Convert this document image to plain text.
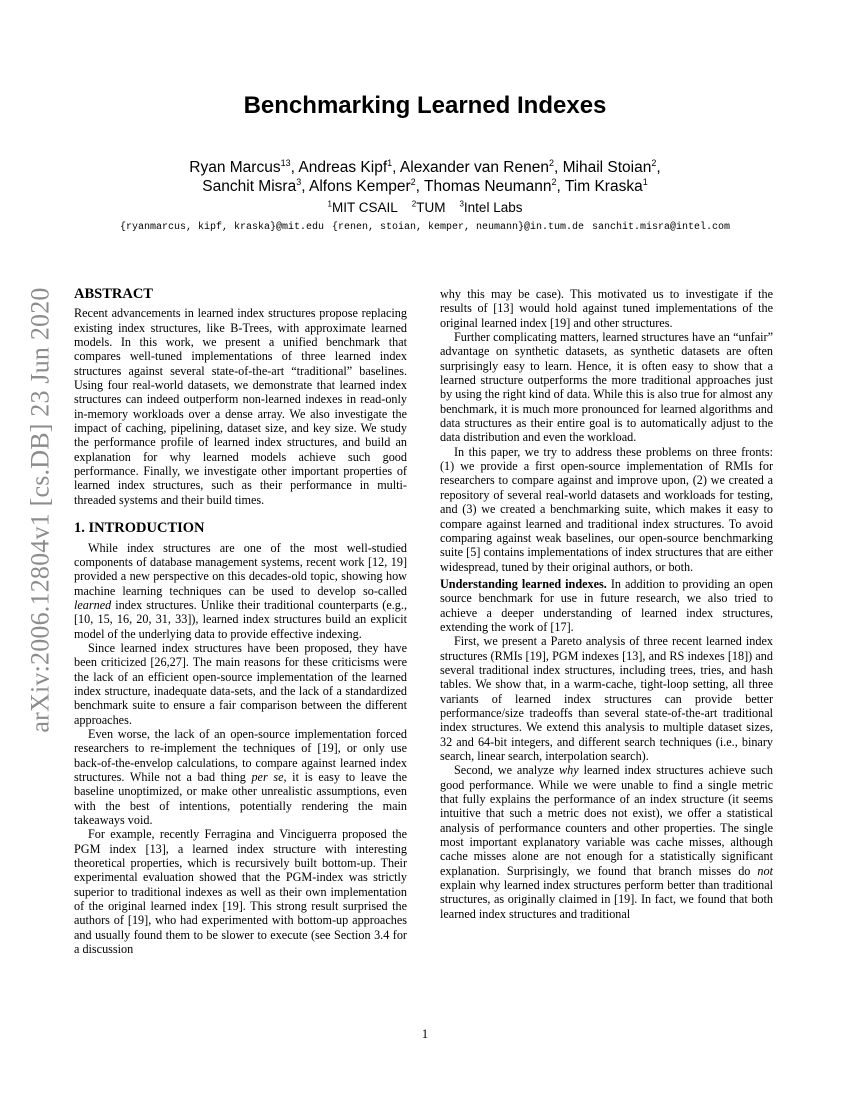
arXiv:2006.12804v1 [cs.DB] 23 Jun 2020
Benchmarking Learned Indexes
Ryan Marcus$^{13}$, Andreas Kipf$^1$, Alexander van Renen$^2$, Mihail Stoian$^2$,
Sanchit Misra$^3$, Alfons Kemper$^2$, Thomas Neumann$^2$, Tim Kraska$^1$
$^1$MIT CSAIL $^2$TUM $^3$Intel Labs
{ryanmarcus, kipf, kraska}@mit.edu {renen, stoian, kemper, neumann}@in.tum.de sanchit.misra@intel.com
ABSTRACT

Recent advancements in learned index structures propose replacing existing index structures, like B-Trees, with approximate learned models. In this work, we present a unified benchmark that compares well-tuned implementations of three learned index structures against several state-of-the-art “traditional” baselines. Using four real-world datasets, we demonstrate that learned index structures can indeed outperform non-learned indexes in read-only in-memory workloads over a dense array. We also investigate the impact of caching, pipelining, dataset size, and key size. We study the performance profile of learned index structures, and build an explanation for why learned models achieve such good performance. Finally, we investigate other important properties of learned index structures, such as their performance in multi-threaded systems and their build times.

1. INTRODUCTION

While index structures are one of the most well-studied components of database management systems, recent work [12, 19] provided a new perspective on this decades-old topic, showing how machine learning techniques can be used to develop so-called learned index structures. Unlike their traditional counterparts (e.g., [10, 15, 16, 20, 31, 33]), learned index structures build an explicit model of the underlying data to provide effective indexing.

Since learned index structures have been proposed, they have been criticized [26,27]. The main reasons for these criticisms were the lack of an efficient open-source implementation of the learned index structure, inadequate data-sets, and the lack of a standardized benchmark suite to ensure a fair comparison between the different approaches.

Even worse, the lack of an open-source implementation forced researchers to re-implement the techniques of [19], or only use back-of-the-envelop calculations, to compare against learned index structures. While not a bad thing per se, it is easy to leave the baseline unoptimized, or make other unrealistic assumptions, even with the best of intentions, potentially rendering the main takeaways void.

For example, recently Ferragina and Vinciguerra proposed the PGM index [13], a learned index structure with interesting theoretical properties, which is recursively built bottom-up. Their experimental evaluation showed that the PGM-index was strictly superior to traditional indexes as well as their own implementation of the original learned index [19]. This strong result surprised the authors of [19], who had experimented with bottom-up approaches and usually found them to be slower to execute (see Section 3.4 for a discussion

why this may be case). This motivated us to investigate if the results of [13] would hold against tuned implementations of the original learned index [19] and other structures.

Further complicating matters, learned structures have an “unfair” advantage on synthetic datasets, as synthetic datasets are often surprisingly easy to learn. Hence, it is often easy to show that a learned structure outperforms the more traditional approaches just by using the right kind of data. While this is also true for almost any benchmark, it is much more pronounced for learned algorithms and data structures as their entire goal is to automatically adjust to the data distribution and even the workload.

In this paper, we try to address these problems on three fronts: (1) we provide a first open-source implementation of RMIs for researchers to compare against and improve upon, (2) we created a repository of several real-world datasets and workloads for testing, and (3) we created a benchmarking suite, which makes it easy to compare against learned and traditional index structures. To avoid comparing against weak baselines, our open-source benchmarking suite [5] contains implementations of index structures that are either widespread, tuned by their original authors, or both.

Understanding learned indexes. In addition to providing an open source benchmark for use in future research, we also tried to achieve a deeper understanding of learned index structures, extending the work of [17].

First, we present a Pareto analysis of three recent learned index structures (RMIs [19], PGM indexes [13], and RS indexes [18]) and several traditional index structures, including trees, tries, and hash tables. We show that, in a warm-cache, tight-loop setting, all three variants of learned index structures can provide better performance/size tradeoffs than several state-of-the-art traditional index structures. We extend this analysis to multiple dataset sizes, 32 and 64-bit integers, and different search techniques (i.e., binary search, linear search, interpolation search).

Second, we analyze why learned index structures achieve such good performance. While we were unable to find a single metric that fully explains the performance of an index structure (it seems intuitive that such a metric does not exist), we offer a statistical analysis of performance counters and other properties. The single most important explanatory variable was cache misses, although cache misses alone are not enough for a statistically significant explanation. Surprisingly, we found that branch misses do not explain why learned index structures perform better than traditional structures, as originally claimed in [19]. In fact, we found that both learned index structures and traditional

1
